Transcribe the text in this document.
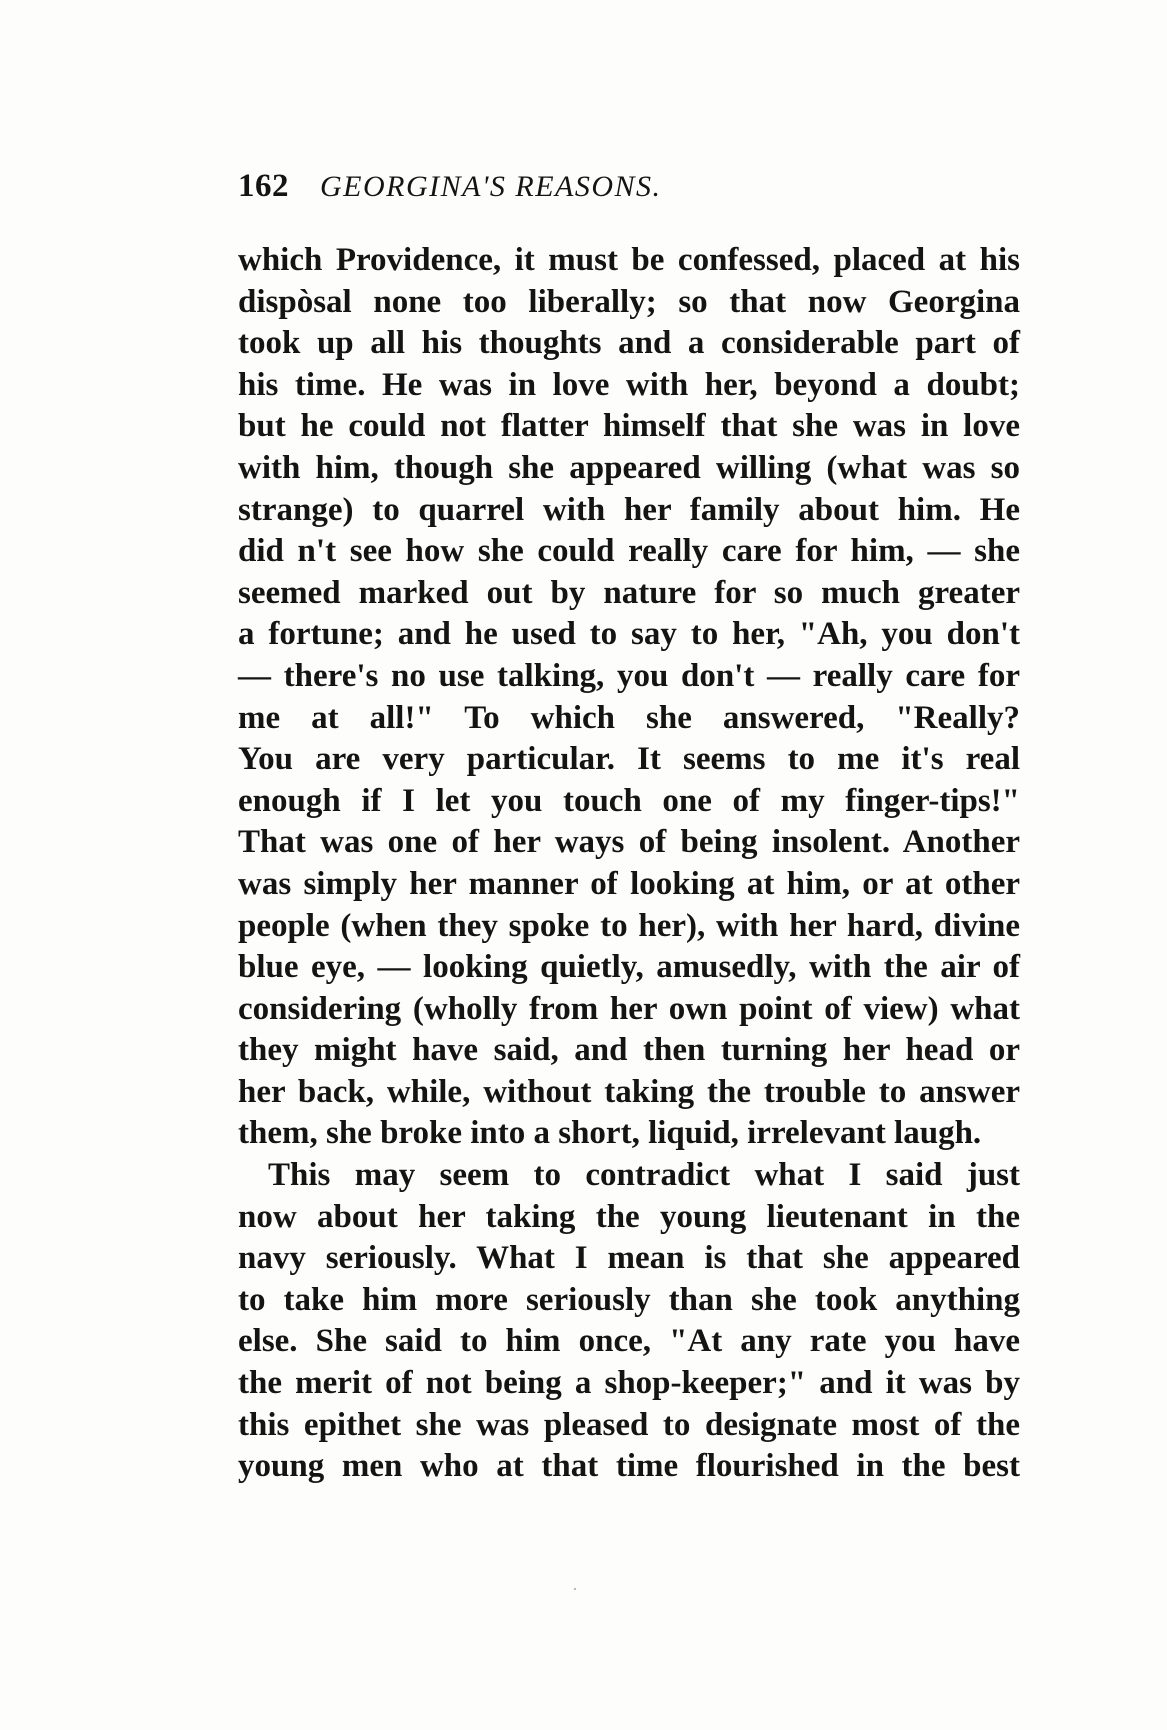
162 GEORGINA'S REASONS.
which Providence, it must be confessed, placed at his
dispòsal none too liberally; so that now Georgina
took up all his thoughts and a considerable part of
his time. He was in love with her, beyond a doubt;
but he could not flatter himself that she was in love
with him, though she appeared willing (what was so
strange) to quarrel with her family about him. He
did n't see how she could really care for him, — she
seemed marked out by nature for so much greater
a fortune; and he used to say to her, "Ah, you don't
— there's no use talking, you don't — really care for
me at all!" To which she answered, "Really?
You are very particular. It seems to me it's real
enough if I let you touch one of my finger-tips!"
That was one of her ways of being insolent. Another
was simply her manner of looking at him, or at other
people (when they spoke to her), with her hard, divine
blue eye, — looking quietly, amusedly, with the air of
considering (wholly from her own point of view) what
they might have said, and then turning her head or
her back, while, without taking the trouble to answer
them, she broke into a short, liquid, irrelevant laugh.
This may seem to contradict what I said just
now about her taking the young lieutenant in the
navy seriously. What I mean is that she appeared
to take him more seriously than she took anything
else. She said to him once, "At any rate you have
the merit of not being a shop-keeper;" and it was by
this epithet she was pleased to designate most of the
young men who at that time flourished in the best
